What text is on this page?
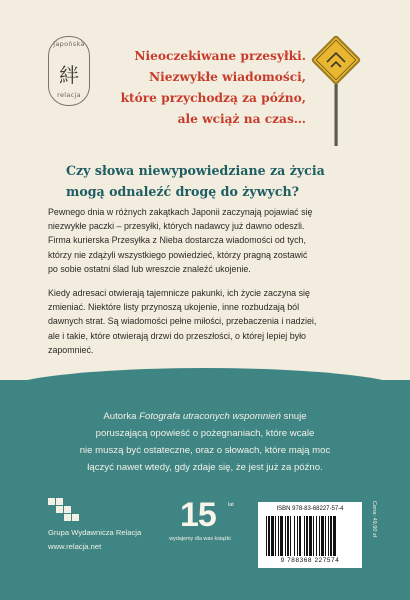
japońska
絆
relacja
Nieoczekiwane przesyłki.
Niezwykłe wiadomości,
które przychodzą za późno,
ale wciąż na czas…
Czy słowa niewypowiedziane za życia
mogą odnaleźć drogę do żywych?
Pewnego dnia w różnych zakątkach Japonii zaczynają pojawiać się
niezwykłe paczki – przesyłki, których nadawcy już dawno odeszli.
Firma kurierska Przesyłka z Nieba dostarcza wiadomości od tych,
którzy nie zdążyli wszystkiego powiedzieć, którzy pragną zostawić
po sobie ostatni ślad lub wreszcie znaleźć ukojenie.
Kiedy adresaci otwierają tajemnicze pakunki, ich życie zaczyna się
zmieniać. Niektóre listy przynoszą ukojenie, inne rozbudzają ból
dawnych strat. Są wiadomości pełne miłości, przebaczenia i nadziei,
ale i takie, które otwierają drzwi do przeszłości, o której lepiej było
zapomnieć.
Autorka Fotografa utraconych wspomnień snuje
poruszającą opowieść o pożegnaniach, które wcale
nie muszą być ostateczne, oraz o słowach, które mają moc
łączyć nawet wtedy, gdy zdaje się, że jest już za późno.
Grupa Wydawnicza Relacja
www.relacja.net
15 lat
wydajemy dla was książki
ISBN 978-83-68227-57-4
9 788368 227574
Cena: 49,90 zł
